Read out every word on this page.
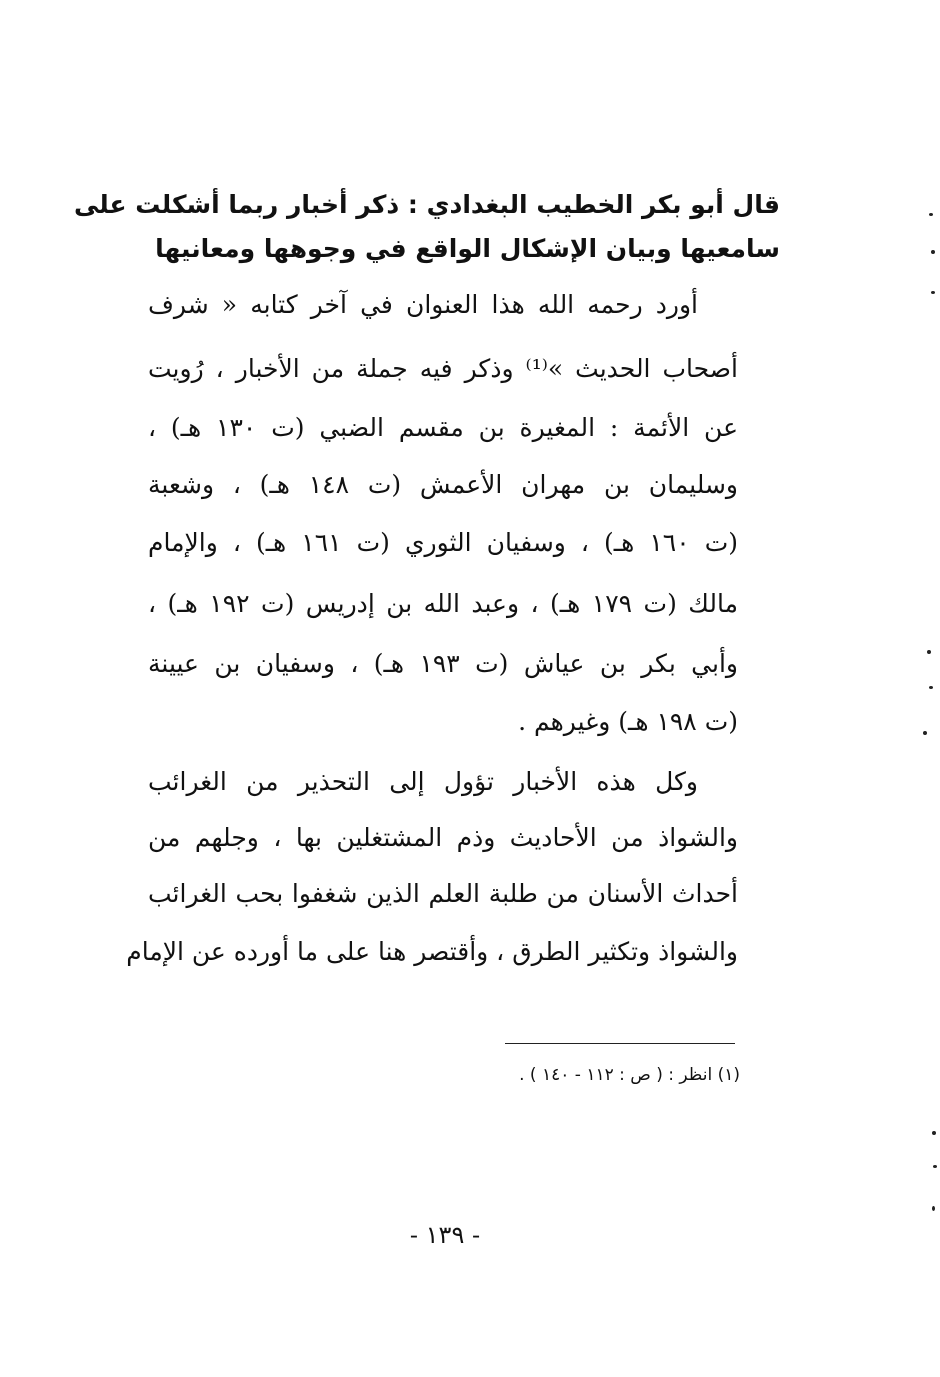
قال أبو بكر الخطيب البغدادي : ذكر أخبار ربما أشكلت على
سامعيها وبيان الإشكال الواقع في وجوهها ومعانيها
أورد رحمه الله هذا العنوان في آخر كتابه « شرف
أصحاب الحديث »⁽¹⁾ وذكر فيه جملة من الأخبار ، رُويت
عن الأئمة : المغيرة بن مقسم الضبي (ت ١٣٠ هـ) ،
وسليمان بن مهران الأعمش (ت ١٤٨ هـ) ، وشعبة
(ت ١٦٠ هـ) ، وسفيان الثوري (ت ١٦١ هـ) ، والإمام
مالك (ت ١٧٩ هـ) ، وعبد الله بن إدريس (ت ١٩٢ هـ) ،
وأبي بكر بن عياش (ت ١٩٣ هـ) ، وسفيان بن عيينة
(ت ١٩٨ هـ) وغيرهم .
وكل هذه الأخبار تؤول إلى التحذير من الغرائب
والشواذ من الأحاديث وذم المشتغلين بها ، وجلهم من
أحداث الأسنان من طلبة العلم الذين شغفوا بحب الغرائب
والشواذ وتكثير الطرق ، وأقتصر هنا على ما أورده عن الإمام
(١) انظر : ( ص : ١١٢ - ١٤٠ ) .
- ١٣٩ -
